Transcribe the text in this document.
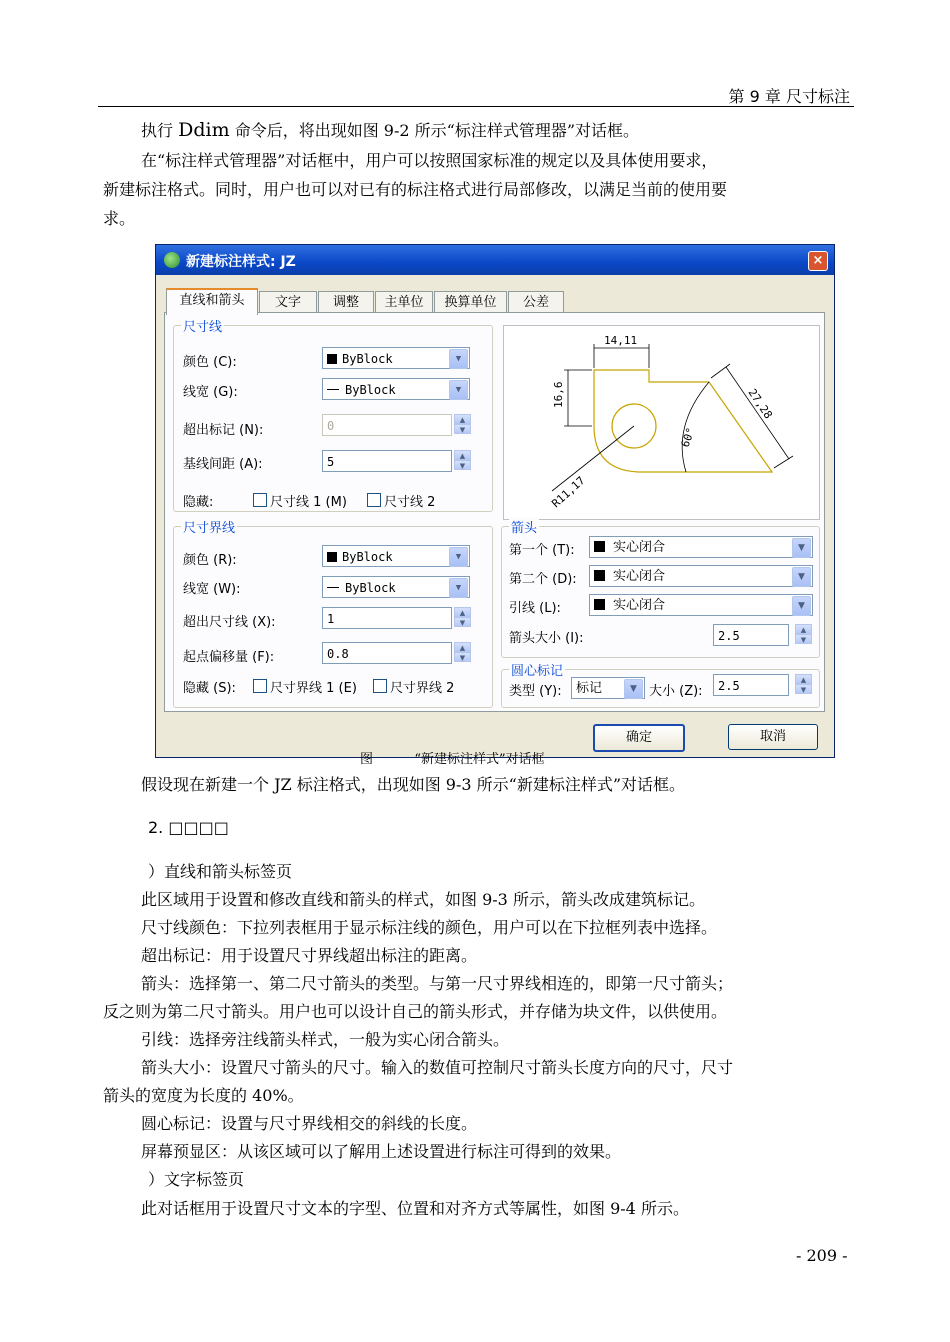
第 9 章 尺寸标注
执行 Ddim 命令后，将出现如图 9-2 所示“标注样式管理器”对话框。
在“标注样式管理器”对话框中，用户可以按照国家标准的规定以及具体使用要求，
新建标注格式。同时，用户也可以对已有的标注格式进行局部修改，以满足当前的使用要
求。
新建标注样式: JZ	×
直线和箭头	文字	调整	主单位	换算单位	公差
尺寸线
颜色 (C):	ByBlock	▼
线宽 (G):	ByBlock	▼
超出标记 (N):	0	▲
▼
基线间距 (A):	5	▲
▼
隐藏:	尺寸线 1 (M)	尺寸线 2
尺寸界线
颜色 (R):	ByBlock	▼
线宽 (W):	ByBlock	▼
超出尺寸线 (X):	1	▲
▼
起点偏移量 (F):	0.8	▲
▼
隐藏 (S):	尺寸界线 1 (E)	尺寸界线 2
14,11
16,6	27,28
60°
R11,17
箭头
第一个 (T):	实心闭合	▼
第二个 (D):	实心闭合	▼
引线 (L):	实心闭合	▼
箭头大小 (I):	2.5	▲
▼
圆心标记
类型 (Y):	标记	▼ 大小 (Z):	2.5	▲
▼
确定	取消
图	“新建标注样式”对话框
假设现在新建一个 JZ 标注格式，出现如图 9-3 所示“新建标注样式”对话框。
2. □□□□
）直线和箭头标签页
此区域用于设置和修改直线和箭头的样式，如图 9-3 所示，箭头改成建筑标记。
尺寸线颜色：下拉列表框用于显示标注线的颜色，用户可以在下拉框列表中选择。
超出标记：用于设置尺寸界线超出标注的距离。
箭头：选择第一、第二尺寸箭头的类型。与第一尺寸界线相连的，即第一尺寸箭头；
反之则为第二尺寸箭头。用户也可以设计自己的箭头形式，并存储为块文件，以供使用。
引线：选择旁注线箭头样式，一般为实心闭合箭头。
箭头大小：设置尺寸箭头的尺寸。输入的数值可控制尺寸箭头长度方向的尺寸，尺寸
箭头的宽度为长度的 40%。
圆心标记：设置与尺寸界线相交的斜线的长度。
屏幕预显区：从该区域可以了解用上述设置进行标注可得到的效果。
）文字标签页
此对话框用于设置尺寸文本的字型、位置和对齐方式等属性，如图 9-4 所示。
- 209 -
